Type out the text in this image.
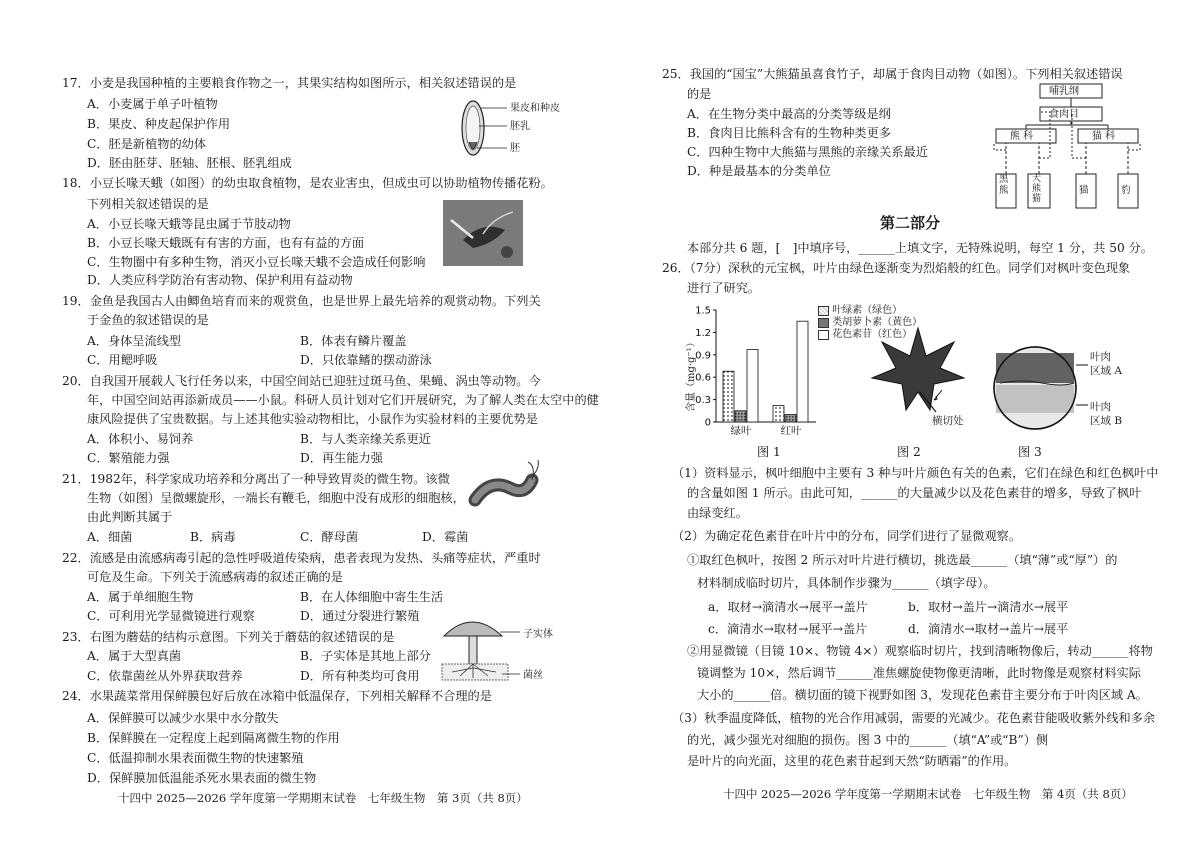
17．小麦是我国种植的主要粮食作物之一，其果实结构如图所示，相关叙述错误的是
A．小麦属于单子叶植物
B．果皮、种皮起保护作用
C．胚是新植物的幼体
D．胚由胚芽、胚轴、胚根、胚乳组成
果皮和种皮
胚乳
胚
18．小豆长喙天蛾（如图）的幼虫取食植物，是农业害虫，但成虫可以协助植物传播花粉。
下列相关叙述错误的是
A．小豆长喙天蛾等昆虫属于节肢动物
B．小豆长喙天蛾既有有害的方面，也有有益的方面
C．生物圈中有多种生物，消灭小豆长喙天蛾不会造成任何影响
D．人类应科学防治有害动物、保护利用有益动物
19．金鱼是我国古人由鲫鱼培育而来的观赏鱼，也是世界上最先培养的观赏动物。下列关
于金鱼的叙述错误的是
A．身体呈流线型	B．体表有鳞片覆盖
C．用鳃呼吸	D．只依靠鳍的摆动游泳
20．自我国开展载人飞行任务以来，中国空间站已迎驻过斑马鱼、果蝇、涡虫等动物。今
年，中国空间站再添新成员——小鼠。科研人员计划对它们开展研究，为了解人类在太空中的健
康风险提供了宝贵数据。与上述其他实验动物相比，小鼠作为实验材料的主要优势是
A．体积小、易饲养	B．与人类亲缘关系更近
C．繁殖能力强	D．再生能力强
21．1982年，科学家成功培养和分离出了一种导致胃炎的微生物。该微
生物（如图）呈微螺旋形，一端长有鞭毛，细胞中没有成形的细胞核，
由此判断其属于
A．细菌	B．病毒	C．酵母菌	D．霉菌
22．流感是由流感病毒引起的急性呼吸道传染病，患者表现为发热、头痛等症状，严重时
可危及生命。下列关于流感病毒的叙述正确的是
A．属于单细胞生物	B．在人体细胞中寄生生活
C．可利用光学显微镜进行观察	D．通过分裂进行繁殖
23．右图为蘑菇的结构示意图。下列关于蘑菇的叙述错误的是
A．属于大型真菌	B．子实体是其地上部分
C．依靠菌丝从外界获取营养	D．所有种类均可食用
子实体
菌丝
24．水果蔬菜常用保鲜膜包好后放在冰箱中低温保存，下列相关解释不合理的是
A．保鲜膜可以减少水果中水分散失
B．保鲜膜在一定程度上起到隔离微生物的作用
C．低温抑制水果表面微生物的快速繁殖
D．保鲜膜加低温能杀死水果表面的微生物
十四中 2025—2026 学年度第一学期期末试卷　七年级生物　第 3页（共 8页）
25．我国的“国宝”大熊猫虽喜食竹子，却属于食肉目动物（如图）。下列相关叙述错误
的是
A．在生物分类中最高的分类等级是纲
B．食肉目比熊科含有的生物种类更多
C．四种生物中大熊猫与黑熊的亲缘关系最近
D．种是最基本的分类单位
哺乳纲
食肉目
熊 科	猫 科
黑熊
大熊猫
猫	豹
第二部分
本部分共 6 题，[　]中填序号，______上填文字，无特殊说明，每空 1 分，共 50 分。
26．（7分）深秋的元宝枫，叶片由绿色逐渐变为烈焰般的红色。同学们对枫叶变色现象
进行了研究。
0
0.3
0.6
0.9
1.2
1.5
绿叶	红叶
含量（mg·g⁻¹）
叶绿素（绿色）
类胡萝卜素（黄色）
花色素苷（红色）
横切处
叶肉
区域 A
叶肉
区域 B
图 1	图 2	图 3
（1）资料显示，枫叶细胞中主要有 3 种与叶片颜色有关的色素，它们在绿色和红色枫叶中
的含量如图 1 所示。由此可知，______的大量减少以及花色素苷的增多，导致了枫叶
由绿变红。
（2）为确定花色素苷在叶片中的分布，同学们进行了显微观察。
①取红色枫叶，按图 2 所示对叶片进行横切，挑选最______（填“薄”或“厚”）的
材料制成临时切片，具体制作步骤为______（填字母）。
a．取材→滴清水→展平→盖片	b．取材→盖片→滴清水→展平
c．滴清水→取材→展平→盖片	d．滴清水→取材→盖片→展平
②用显微镜（目镜 10×、物镜 4×）观察临时切片，找到清晰物像后，转动______将物
镜调整为 10×，然后调节______准焦螺旋使物像更清晰，此时物像是观察材料实际
大小的______倍。横切面的镜下视野如图 3，发现花色素苷主要分布于叶肉区域 A。
（3）秋季温度降低，植物的光合作用减弱，需要的光减少。花色素苷能吸收紫外线和多余
的光，减少强光对细胞的损伤。图 3 中的______（填“A”或“B”）侧
是叶片的向光面，这里的花色素苷起到天然“防晒霜”的作用。
十四中 2025—2026 学年度第一学期期末试卷　七年级生物　第 4页（共 8页）
